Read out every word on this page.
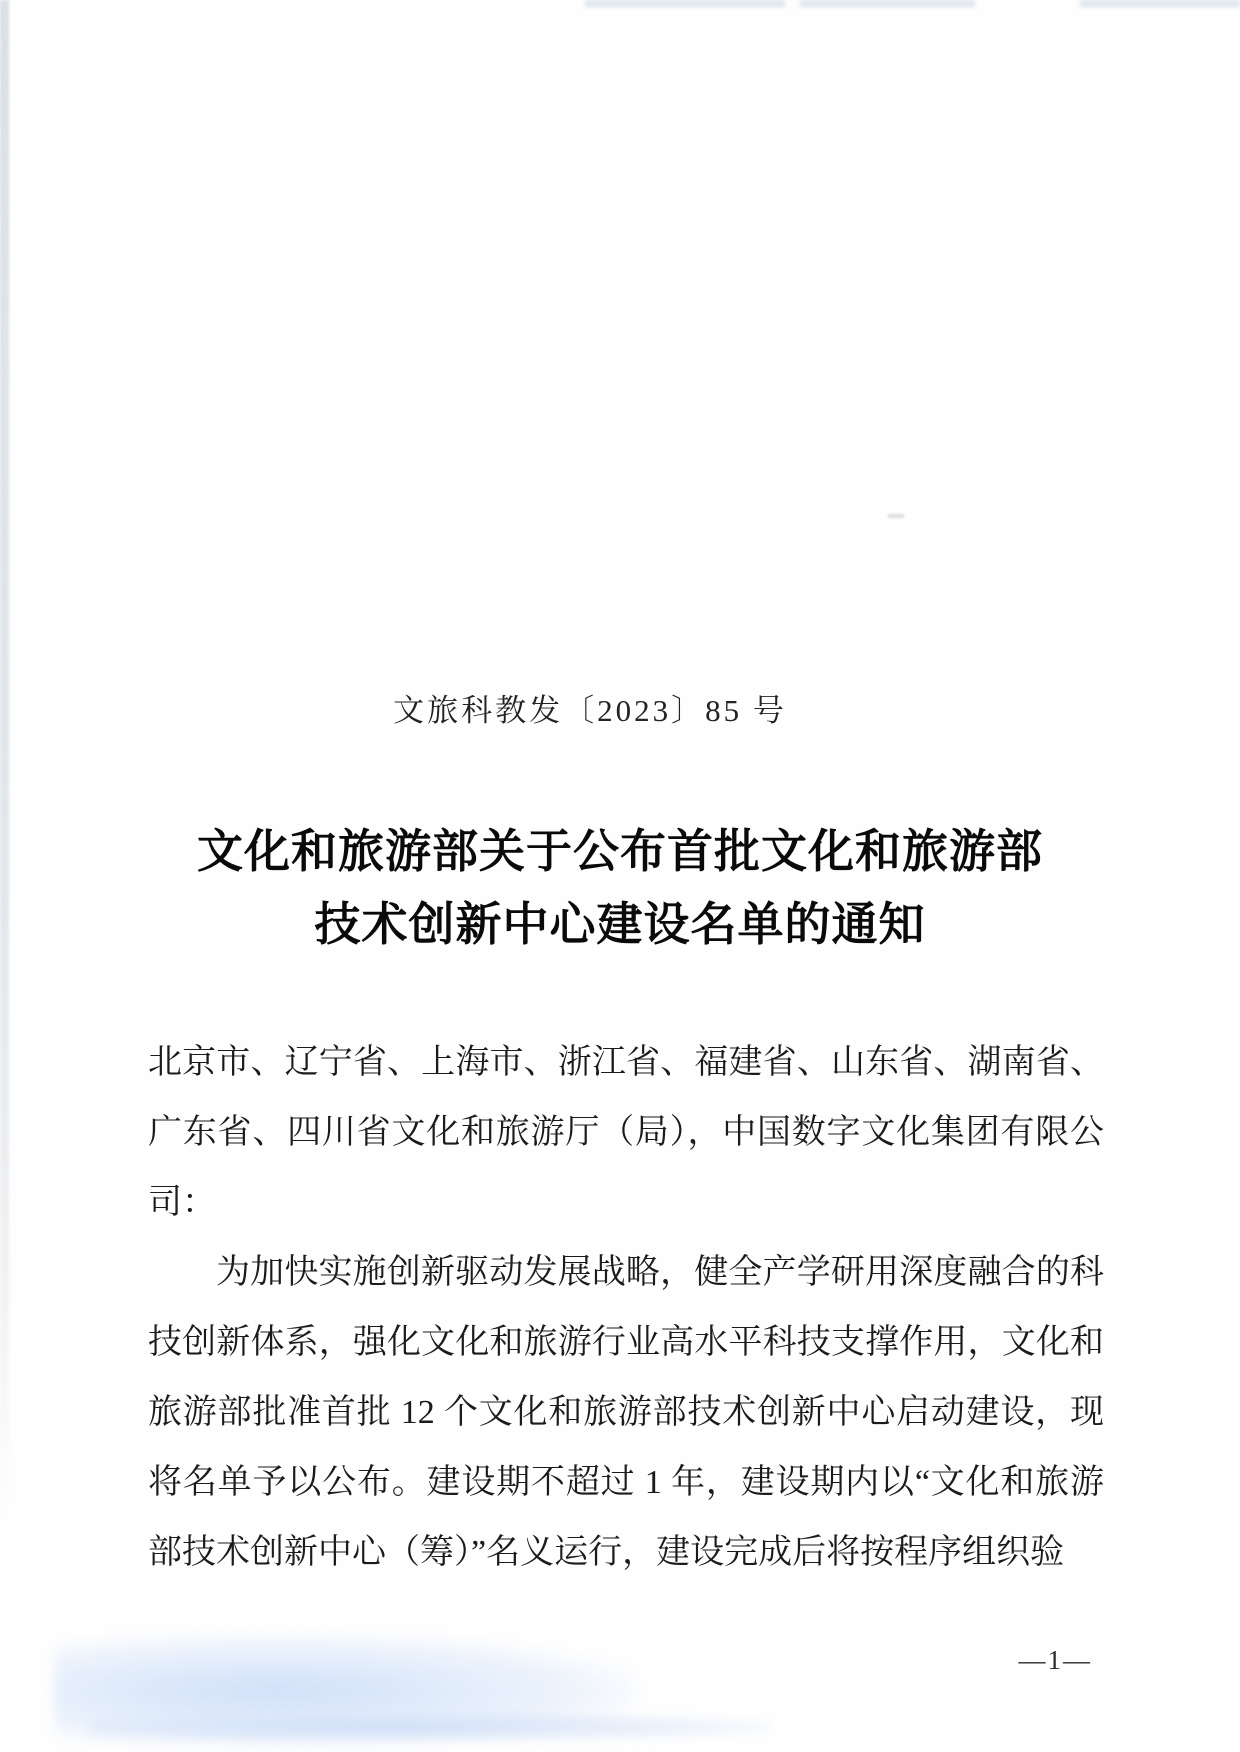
文旅科教发〔2023〕85 号
文化和旅游部关于公布首批文化和旅游部
技术创新中心建设名单的通知

北京市、辽宁省、上海市、浙江省、福建省、山东省、湖南省、广东省、四川省文化和旅游厅（局），中国数字文化集团有限公司：

为加快实施创新驱动发展战略，健全产学研用深度融合的科技创新体系，强化文化和旅游行业高水平科技支撑作用，文化和旅游部批准首批 12 个文化和旅游部技术创新中心启动建设，现将名单予以公布。建设期不超过 1 年，建设期内以“文化和旅游部技术创新中心（筹）”名义运行，建设完成后将按程序组织验

—1—
